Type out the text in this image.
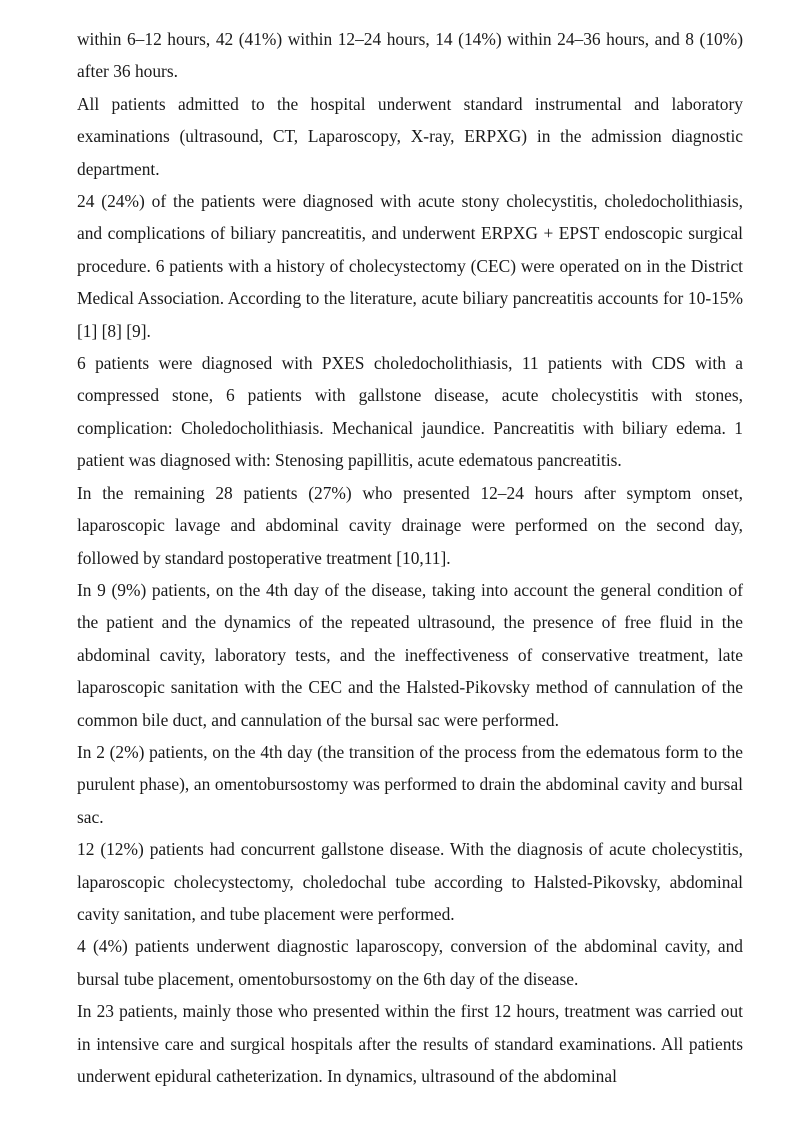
within 6–12 hours, 42 (41%) within 12–24 hours, 14 (14%) within 24–36 hours, and 8 (10%) after 36 hours.

All patients admitted to the hospital underwent standard instrumental and laboratory examinations (ultrasound, CT, Laparoscopy, X-ray, ERPXG) in the admission diagnostic department.

24 (24%) of the patients were diagnosed with acute stony cholecystitis, choledocholithiasis, and complications of biliary pancreatitis, and underwent ERPXG + EPST endoscopic surgical procedure. 6 patients with a history of cholecystectomy (CEC) were operated on in the District Medical Association. According to the literature, acute biliary pancreatitis accounts for 10-15% [1] [8] [9].

6 patients were diagnosed with PXES choledocholithiasis, 11 patients with CDS with a compressed stone, 6 patients with gallstone disease, acute cholecystitis with stones, complication: Choledocholithiasis. Mechanical jaundice. Pancreatitis with biliary edema. 1 patient was diagnosed with: Stenosing papillitis, acute edematous pancreatitis.

In the remaining 28 patients (27%) who presented 12–24 hours after symptom onset, laparoscopic lavage and abdominal cavity drainage were performed on the second day, followed by standard postoperative treatment [10,11].

In 9 (9%) patients, on the 4th day of the disease, taking into account the general condition of the patient and the dynamics of the repeated ultrasound, the presence of free fluid in the abdominal cavity, laboratory tests, and the ineffectiveness of conservative treatment, late laparoscopic sanitation with the CEC and the Halsted-Pikovsky method of cannulation of the common bile duct, and cannulation of the bursal sac were performed.

In 2 (2%) patients, on the 4th day (the transition of the process from the edematous form to the purulent phase), an omentobursostomy was performed to drain the abdominal cavity and bursal sac.

12 (12%) patients had concurrent gallstone disease. With the diagnosis of acute cholecystitis, laparoscopic cholecystectomy, choledochal tube according to Halsted-Pikovsky, abdominal cavity sanitation, and tube placement were performed.

4 (4%) patients underwent diagnostic laparoscopy, conversion of the abdominal cavity, and bursal tube placement, omentobursostomy on the 6th day of the disease.

In 23 patients, mainly those who presented within the first 12 hours, treatment was carried out in intensive care and surgical hospitals after the results of standard examinations. All patients underwent epidural catheterization. In dynamics, ultrasound of the abdominal
